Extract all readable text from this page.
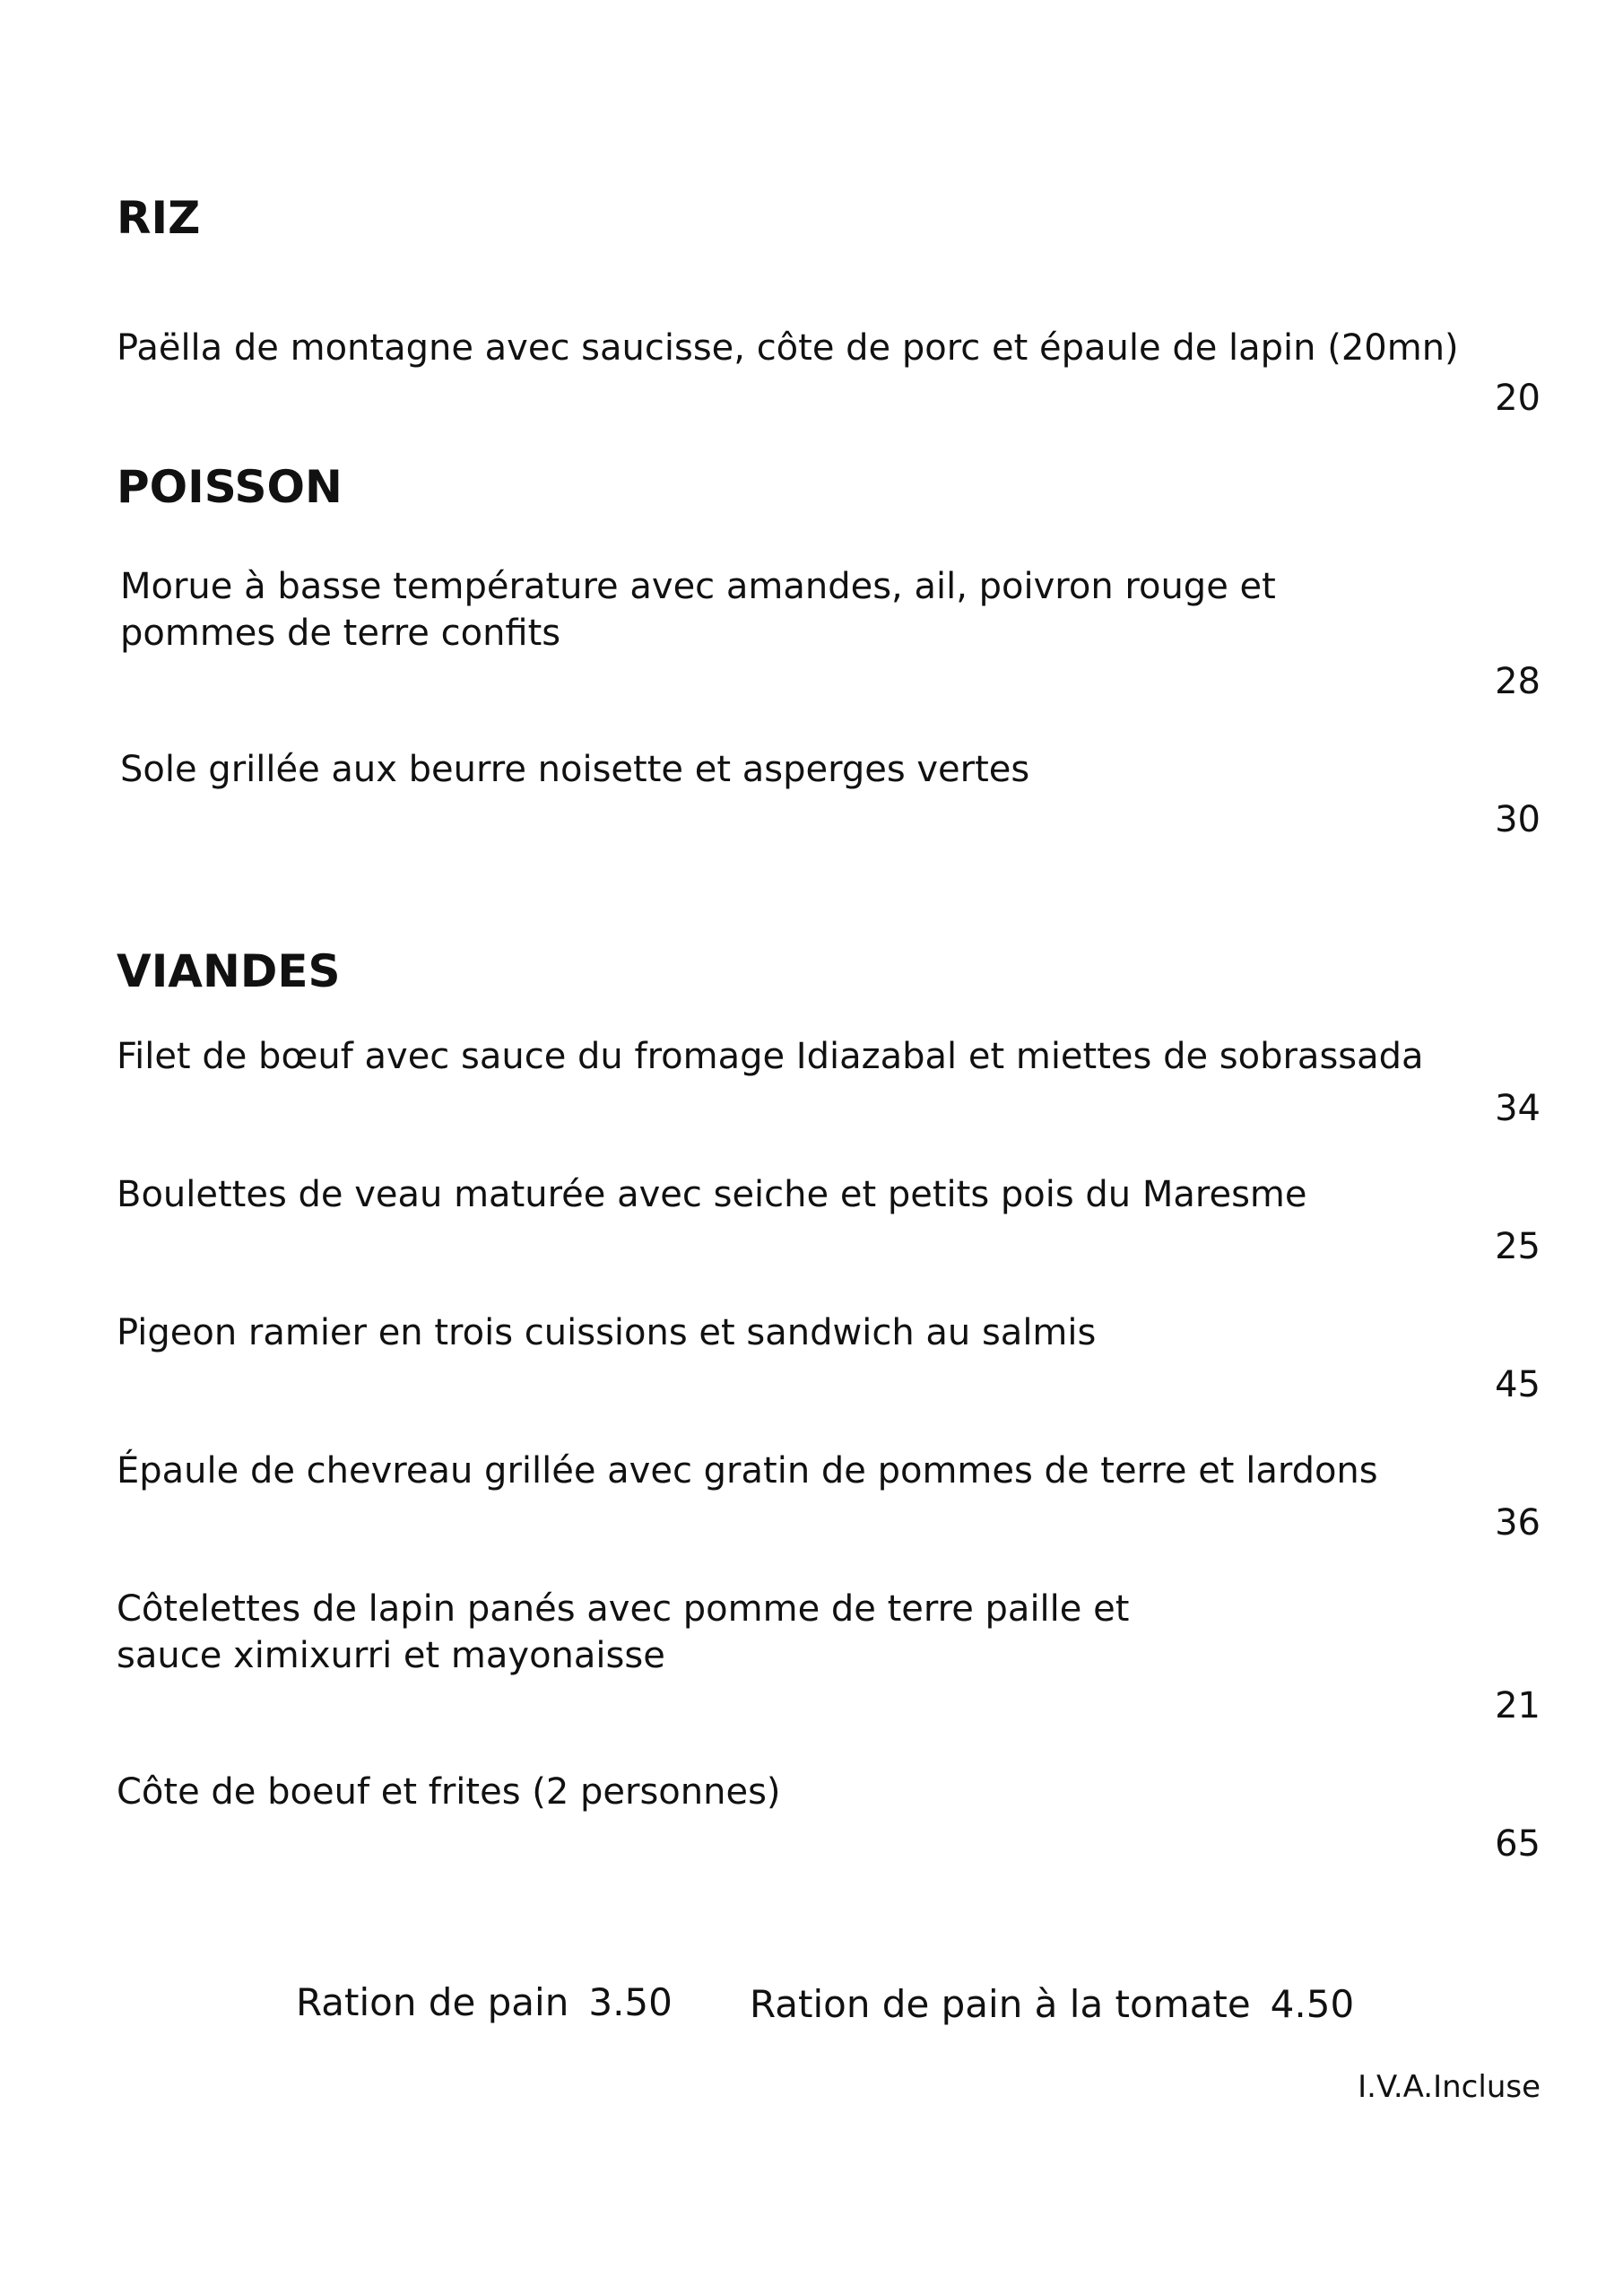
RIZ

Paëlla de montagne avec saucisse, côte de porc et épaule de lapin (20mn)

20
POISSON

Morue à basse température avec amandes, ail, poivron rouge et
pommes de terre confits

28

Sole grillée aux beurre noisette et asperges vertes

30
VIANDES

Filet de bœuf avec sauce du fromage Idiazabal et miettes de sobrassada

34

Boulettes de veau maturée avec seiche et petits pois du Maresme

25

Pigeon ramier en trois cuissions et sandwich au salmis

45

Épaule de chevreau grillée avec gratin de pommes de terre et lardons

36

Côtelettes de lapin panés avec pomme de terre paille et
sauce ximixurri et mayonaisse

21

Côte de boeuf et frites (2 personnes)

65
Ration de pain 3.50 Ration de pain à la tomate 4.50
I.V.A.Incluse
